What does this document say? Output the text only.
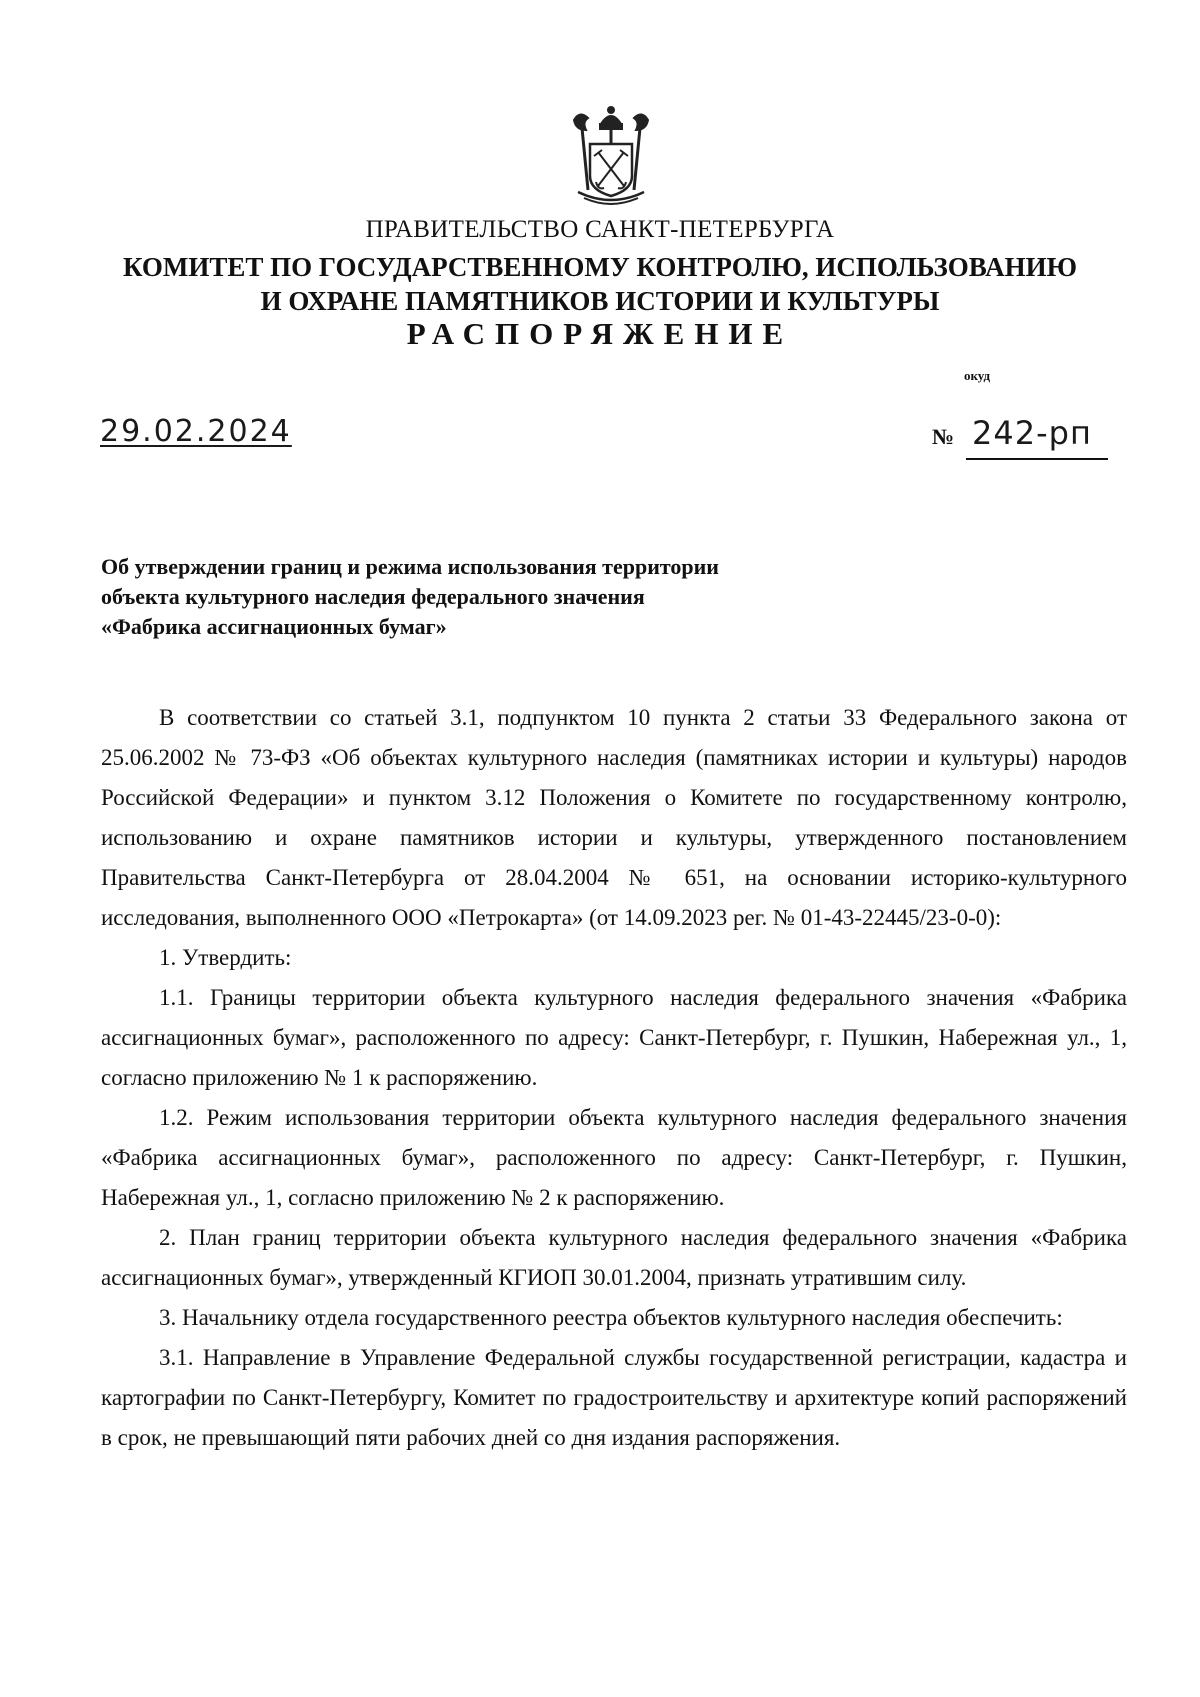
ПРАВИТЕЛЬСТВО САНКТ-ПЕТЕРБУРГА
КОМИТЕТ ПО ГОСУДАРСТВЕННОМУ КОНТРОЛЮ, ИСПОЛЬЗОВАНИЮ
И ОХРАНЕ ПАМЯТНИКОВ ИСТОРИИ И КУЛЬТУРЫ
РАСПОРЯЖЕНИЕ
окуд
29.02.2024	№ 242-рп
Об утверждении границ и режима использования территории
объекта культурного наследия федерального значения
«Фабрика ассигнационных бумаг»

В соответствии со статьей 3.1, подпунктом 10 пункта 2 статьи 33 Федерального закона от 25.06.2002 № 73-ФЗ «Об объектах культурного наследия (памятниках истории и культуры) народов Российской Федерации» и пунктом 3.12 Положения о Комитете по государственному контролю, использованию и охране памятников истории и культуры, утвержденного постановлением Правительства Санкт-Петербурга от 28.04.2004 № 651, на основании историко-культурного исследования, выполненного ООО «Петрокарта» (от 14.09.2023 рег. № 01-43-22445/23-0-0):

1. Утвердить:

1.1. Границы территории объекта культурного наследия федерального значения «Фабрика ассигнационных бумаг», расположенного по адресу: Санкт-Петербург, г. Пушкин, Набережная ул., 1, согласно приложению № 1 к распоряжению.

1.2. Режим использования территории объекта культурного наследия федерального значения «Фабрика ассигнационных бумаг», расположенного по адресу: Санкт-Петербург, г. Пушкин, Набережная ул., 1, согласно приложению № 2 к распоряжению.

2. План границ территории объекта культурного наследия федерального значения «Фабрика ассигнационных бумаг», утвержденный КГИОП 30.01.2004, признать утратившим силу.

3. Начальнику отдела государственного реестра объектов культурного наследия обеспечить:

3.1. Направление в Управление Федеральной службы государственной регистрации, кадастра и картографии по Санкт-Петербургу, Комитет по градостроительству и архитектуре копий распоряжений в срок, не превышающий пяти рабочих дней со дня издания распоряжения.
